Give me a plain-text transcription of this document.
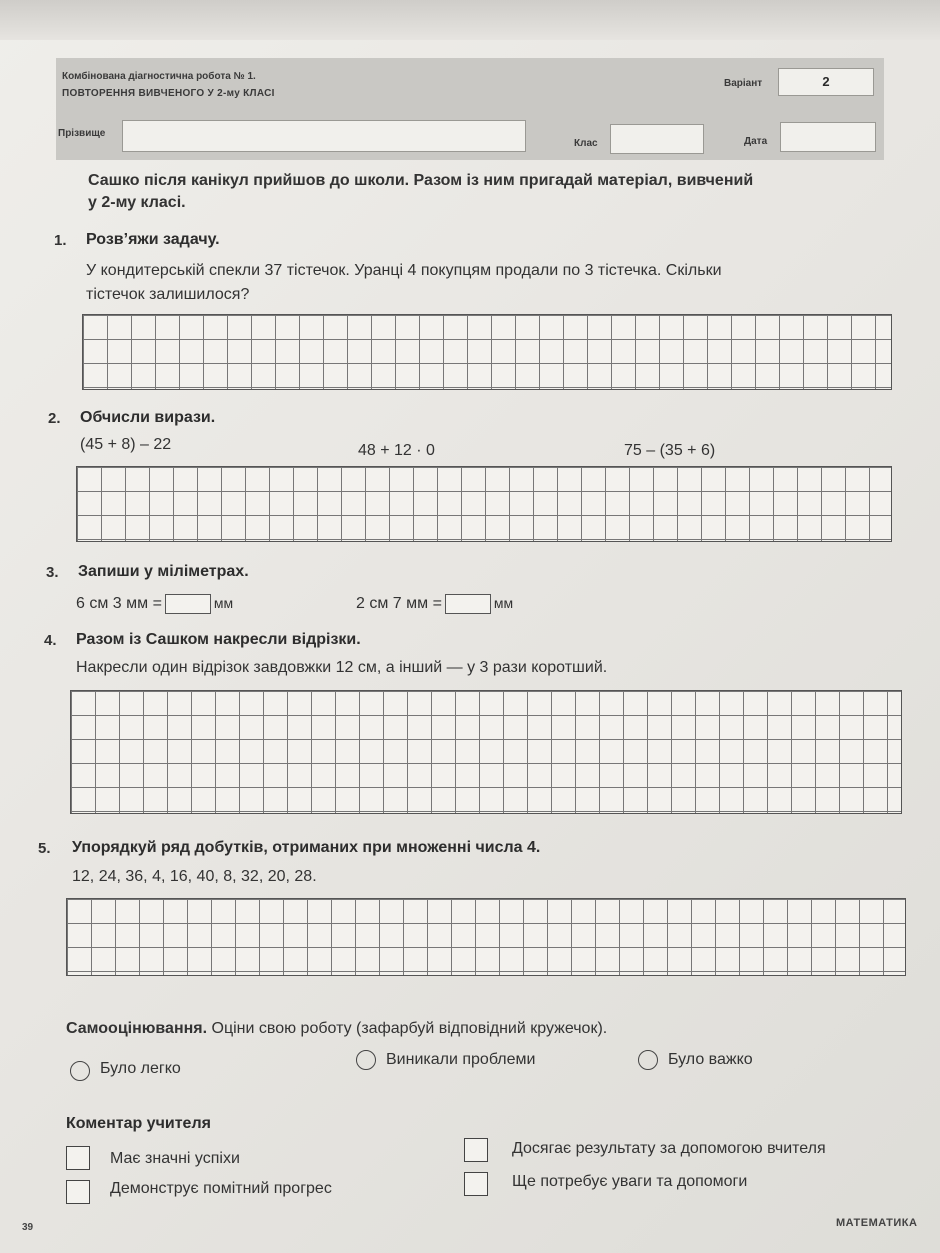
Комбінована діагностична робота № 1.
ПОВТОРЕННЯ ВИВЧЕНОГО У 2-му КЛАСІ
Варіант	2
Прізвище
Клас	Дата
Сашко після канікул прийшов до школи. Разом із ним пригадай матеріал, вивчений
у 2-му класі.
1. Розв’яжи задачу.
У кондитерській спекли 37 тістечок. Уранці 4 покупцям продали по 3 тістечка. Скільки
тістечок залишилося?
2. Обчисли вирази.
(45 + 8) – 22	48 + 12 · 0	75 – (35 + 6)
3. Запиши у міліметрах.
6 см 3 мм =	мм	2 см 7 мм =	мм
4. Разом із Сашком накресли відрізки.
Накресли один відрізок завдовжки 12 см, а інший — у 3 рази коротший.
5. Упорядкуй ряд добутків, отриманих при множенні числа 4.
12, 24, 36, 4, 16, 40, 8, 32, 20, 28.
Самооцінювання. Оціни свою роботу (зафарбуй відповідний кружечок).
Було легко
Виникали проблеми	Було важко
Коментар учителя
Має значні успіхи
Демонструє помітний прогрес
Досягає результату за допомогою вчителя
Ще потребує уваги та допомоги
39	МАТЕМАТИКА
